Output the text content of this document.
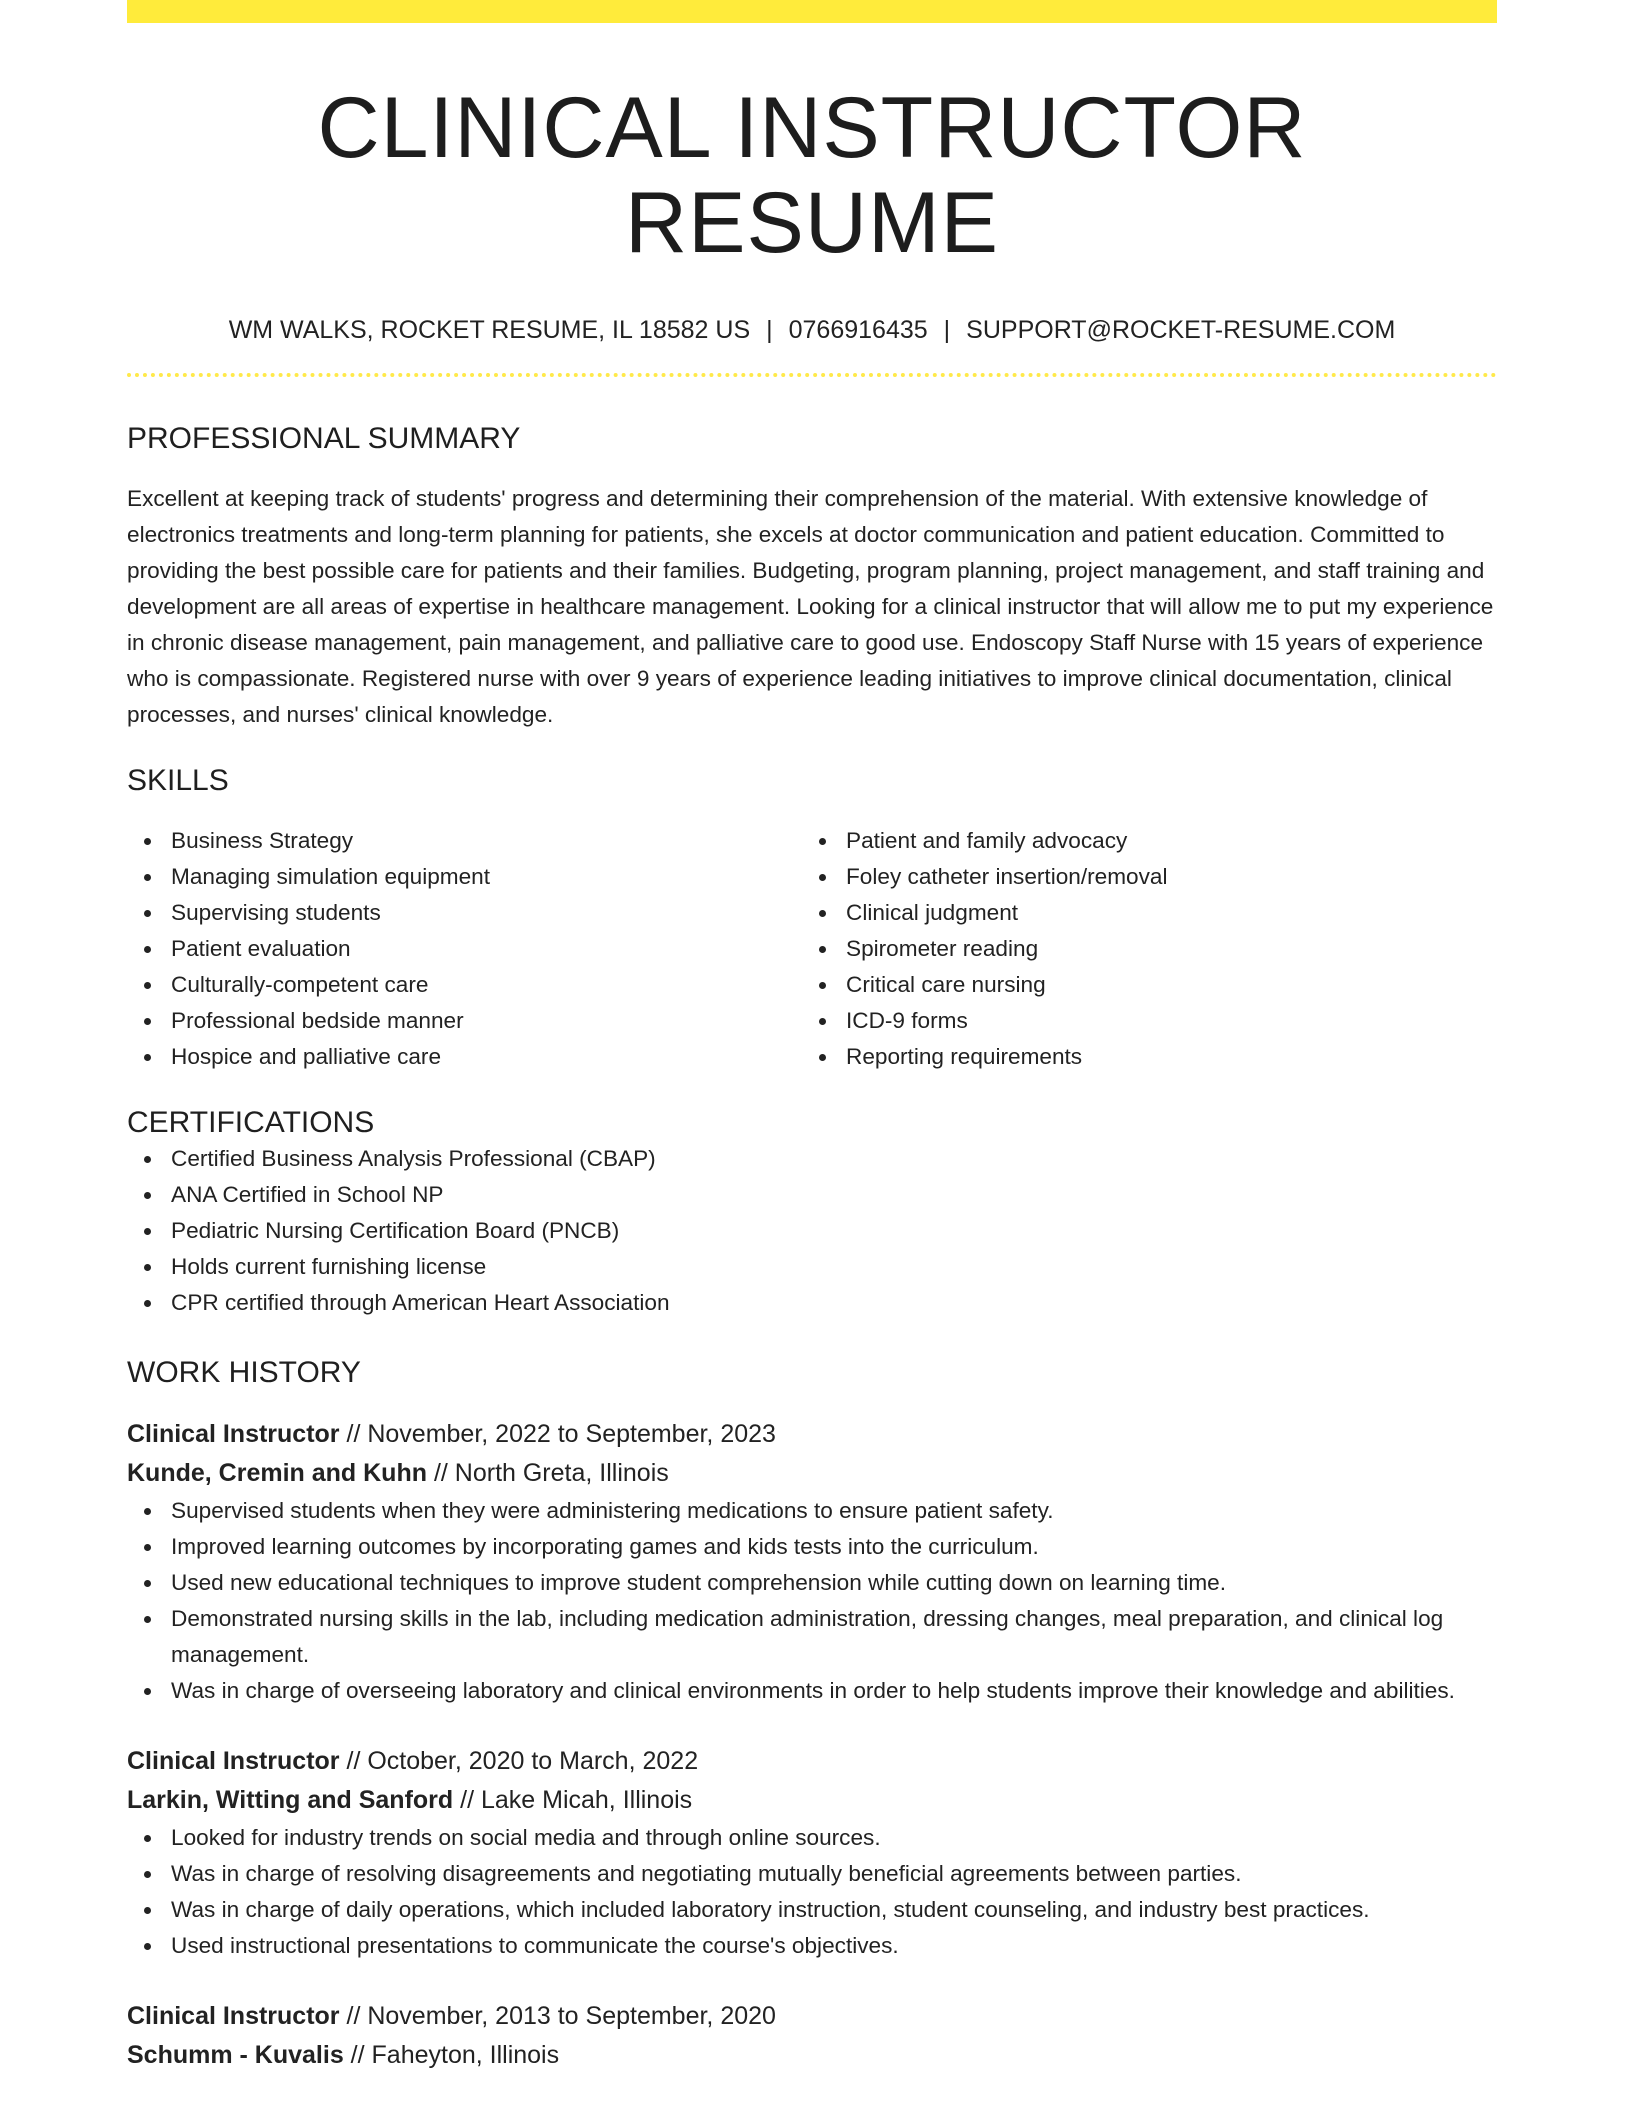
CLINICAL INSTRUCTOR RESUME
WM WALKS, ROCKET RESUME, IL 18582 US | 0766916435 | SUPPORT@ROCKET-RESUME.COM
PROFESSIONAL SUMMARY
Excellent at keeping track of students' progress and determining their comprehension of the material. With extensive knowledge of electronics treatments and long-term planning for patients, she excels at doctor communication and patient education. Committed to providing the best possible care for patients and their families. Budgeting, program planning, project management, and staff training and development are all areas of expertise in healthcare management. Looking for a clinical instructor that will allow me to put my experience in chronic disease management, pain management, and palliative care to good use. Endoscopy Staff Nurse with 15 years of experience who is compassionate. Registered nurse with over 9 years of experience leading initiatives to improve clinical documentation, clinical processes, and nurses' clinical knowledge.
SKILLS
Business Strategy
Managing simulation equipment
Supervising students
Patient evaluation
Culturally-competent care
Professional bedside manner
Hospice and palliative care
Patient and family advocacy
Foley catheter insertion/removal
Clinical judgment
Spirometer reading
Critical care nursing
ICD-9 forms
Reporting requirements
CERTIFICATIONS
Certified Business Analysis Professional (CBAP)
ANA Certified in School NP
Pediatric Nursing Certification Board (PNCB)
Holds current furnishing license
CPR certified through American Heart Association
WORK HISTORY
Clinical Instructor // November, 2022 to September, 2023
Kunde, Cremin and Kuhn // North Greta, Illinois
Supervised students when they were administering medications to ensure patient safety.
Improved learning outcomes by incorporating games and kids tests into the curriculum.
Used new educational techniques to improve student comprehension while cutting down on learning time.
Demonstrated nursing skills in the lab, including medication administration, dressing changes, meal preparation, and clinical log management.
Was in charge of overseeing laboratory and clinical environments in order to help students improve their knowledge and abilities.
Clinical Instructor // October, 2020 to March, 2022
Larkin, Witting and Sanford // Lake Micah, Illinois
Looked for industry trends on social media and through online sources.
Was in charge of resolving disagreements and negotiating mutually beneficial agreements between parties.
Was in charge of daily operations, which included laboratory instruction, student counseling, and industry best practices.
Used instructional presentations to communicate the course's objectives.
Clinical Instructor // November, 2013 to September, 2020
Schumm - Kuvalis // Faheyton, Illinois
